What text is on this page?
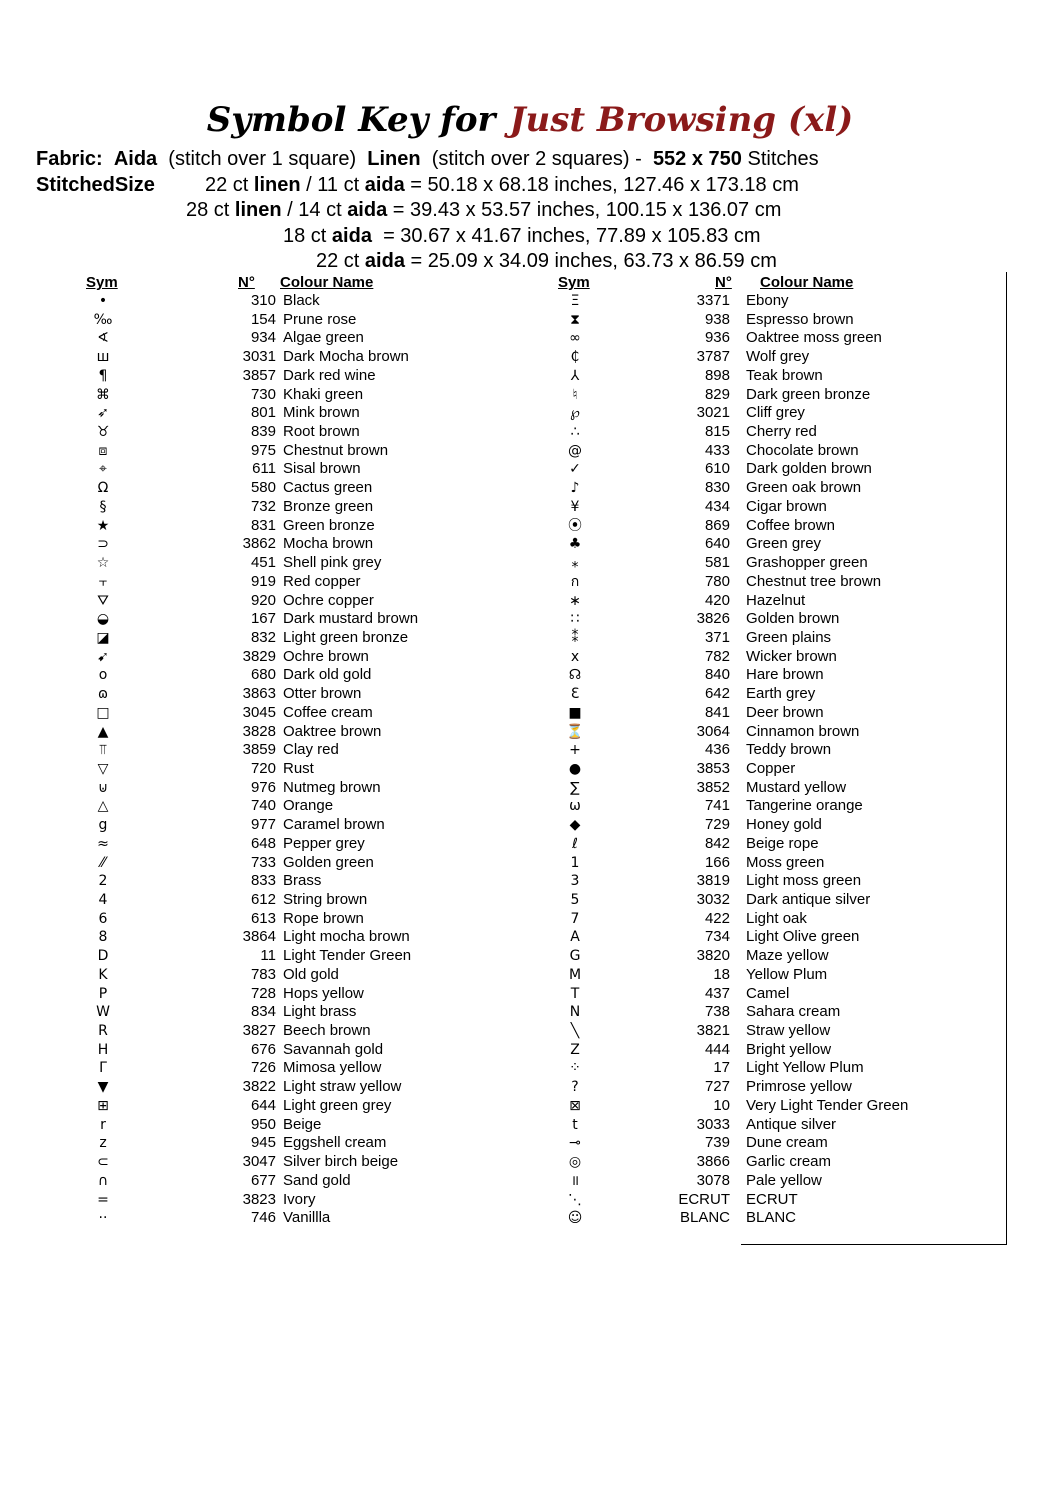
Symbol Key for Just Browsing (xl)
Fabric: Aida (stitch over 1 square) Linen (stitch over 2 squares) - 552 x 750 Stitches
StitchedSize	22 ct linen / 11 ct aida = 50.18 x 68.18 inches, 127.46 x 173.18 cm
28 ct linen / 14 ct aida = 39.43 x 53.57 inches, 100.15 x 136.07 cm
18 ct aida  = 30.67 x 41.67 inches, 77.89 x 105.83 cm
22 ct aida = 25.09 x 34.09 inches, 63.73 x 86.59 cm
Sym	N° Colour Name	Sym	N° Colour Name
•	310 Black
‰	154 Prune rose
∢	934 Algae green
ш	3031 Dark Mocha brown
¶	3857 Dark red wine
⌘	730 Khaki green
➶	801 Mink brown
♉	839 Root brown
⧈	975 Chestnut brown
⌖	611 Sisal brown
Ω	580 Cactus green
§	732 Bronze green
★	831 Green bronze
⊃	3862 Mocha brown
☆	451 Shell pink grey
⫟	919 Red copper
⛛	920 Ochre copper
◒	167 Dark mustard brown
◪	832 Light green bronze
➹	3829 Ochre brown
o	680 Dark old gold
ɷ	3863 Otter brown
□	3045 Coffee cream
▲	3828 Oaktree brown
⫪	3859 Clay red
▽	720 Rust
⊍	976 Nutmeg brown
△	740 Orange
g	977 Caramel brown
≈	648 Pepper grey
⁄⁄	733 Golden green
2	833 Brass
4	612 String brown
6	613 Rope brown
8	3864 Light mocha brown
D	11 Light Tender Green
K	783 Old gold
P	728 Hops yellow
W	834 Light brass
R	3827 Beech brown
H	676 Savannah gold
Γ	726 Mimosa yellow
▼	3822 Light straw yellow
⊞	644 Light green grey
r	950 Beige
z	945 Eggshell cream
⊂	3047 Silver birch beige
∩	677 Sand gold
=	3823 Ivory
··	746 Vanillla
Ξ	3371 Ebony
⧗	938 Espresso brown
∞	936 Oaktree moss green
₵	3787 Wolf grey
⅄	898 Teak brown
♮	829 Dark green bronze
℘	3021 Cliff grey
∴	815 Cherry red
@	433 Chocolate brown
✓	610 Dark golden brown
♪	830 Green oak brown
¥	434 Cigar brown
⦿	869 Coffee brown
♣	640 Green grey
⁎	581 Grashopper green
ก	780 Chestnut tree brown
∗	420 Hazelnut
∷	3826 Golden brown
⁑	371 Green plains
x	782 Wicker brown
☊	840 Hare brown
Ɛ	642 Earth grey
■	841 Deer brown
⏳	3064 Cinnamon brown
+	436 Teddy brown
●	3853 Copper
∑	3852 Mustard yellow
ω	741 Tangerine orange
◆	729 Honey gold
ℓ	842 Beige rope
1	166 Moss green
3	3819 Light moss green
5	3032 Dark antique silver
7	422 Light oak
A	734 Light Olive green
G	3820 Maze yellow
M	18 Yellow Plum
T	437 Camel
N	738 Sahara cream
╲	3821 Straw yellow
Z	444 Bright yellow
⁘	17 Light Yellow Plum
?	727 Primrose yellow
⊠	10 Very Light Tender Green
t	3033 Antique silver
⊸	739 Dune cream
◎	3866 Garlic cream
॥	3078 Pale yellow
⋱	ECRUT ECRUT
☺	BLANC BLANC
